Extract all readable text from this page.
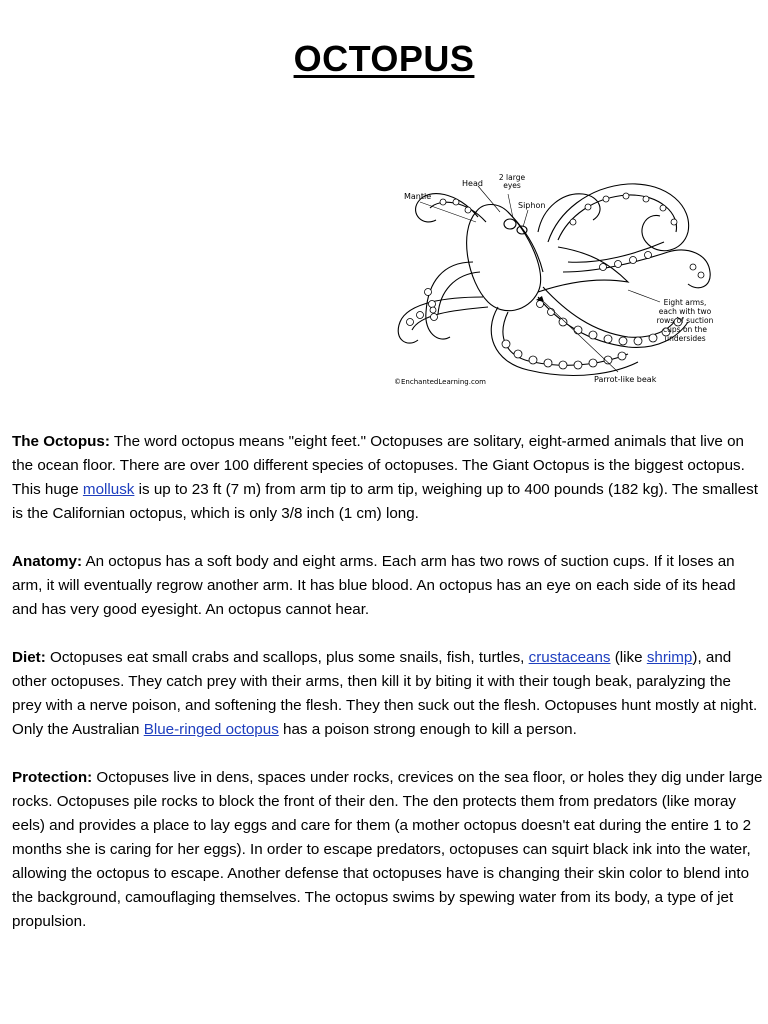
OCTOPUS
Head
2 large eyes
Mantle
Siphon
Eight arms, each with two rows of suction cups on the undersides
Parrot-like beak
©EnchantedLearning.com

The Octopus: The word octopus means "eight feet." Octopuses are solitary, eight-armed animals that live on the ocean floor. There are over 100 different species of octopuses. The Giant Octopus is the biggest octopus. This huge mollusk is up to 23 ft (7 m) from arm tip to arm tip, weighing up to 400 pounds (182 kg). The smallest is the Californian octopus, which is only 3/8 inch (1 cm) long.

Anatomy: An octopus has a soft body and eight arms. Each arm has two rows of suction cups. If it loses an arm, it will eventually regrow another arm. It has blue blood. An octopus has an eye on each side of its head and has very good eyesight. An octopus cannot hear.

Diet: Octopuses eat small crabs and scallops, plus some snails, fish, turtles, crustaceans (like shrimp), and other octopuses. They catch prey with their arms, then kill it by biting it with their tough beak, paralyzing the prey with a nerve poison, and softening the flesh. They then suck out the flesh. Octopuses hunt mostly at night. Only the Australian Blue-ringed octopus has a poison strong enough to kill a person.

Protection: Octopuses live in dens, spaces under rocks, crevices on the sea floor, or holes they dig under large rocks. Octopuses pile rocks to block the front of their den. The den protects them from predators (like moray eels) and provides a place to lay eggs and care for them (a mother octopus doesn't eat during the entire 1 to 2 months she is caring for her eggs). In order to escape predators, octopuses can squirt black ink into the water, allowing the octopus to escape. Another defense that octopuses have is changing their skin color to blend into the background, camouflaging themselves. The octopus swims by spewing water from its body, a type of jet propulsion.
